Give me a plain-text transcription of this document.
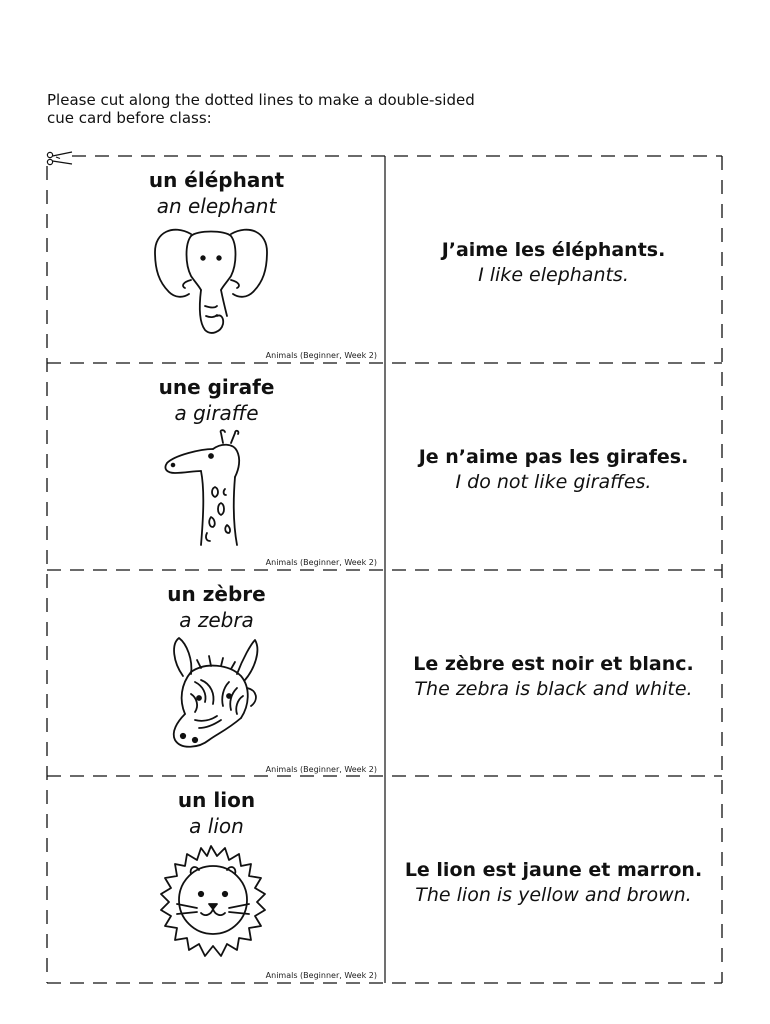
Please cut along the dotted lines to make a double-sided
cue card before class:

un éléphant
an elephant
Animals (Beginner, Week 2)
J’aime les éléphants.
I like elephants.
une girafe
a giraffe
Animals (Beginner, Week 2)
Je n’aime pas les girafes.
I do not like giraffes.
un zèbre
a zebra
Animals (Beginner, Week 2)
Le zèbre est noir et blanc.
The zebra is black and white.
un lion
a lion
Animals (Beginner, Week 2)
Le lion est jaune et marron.
The lion is yellow and brown.
